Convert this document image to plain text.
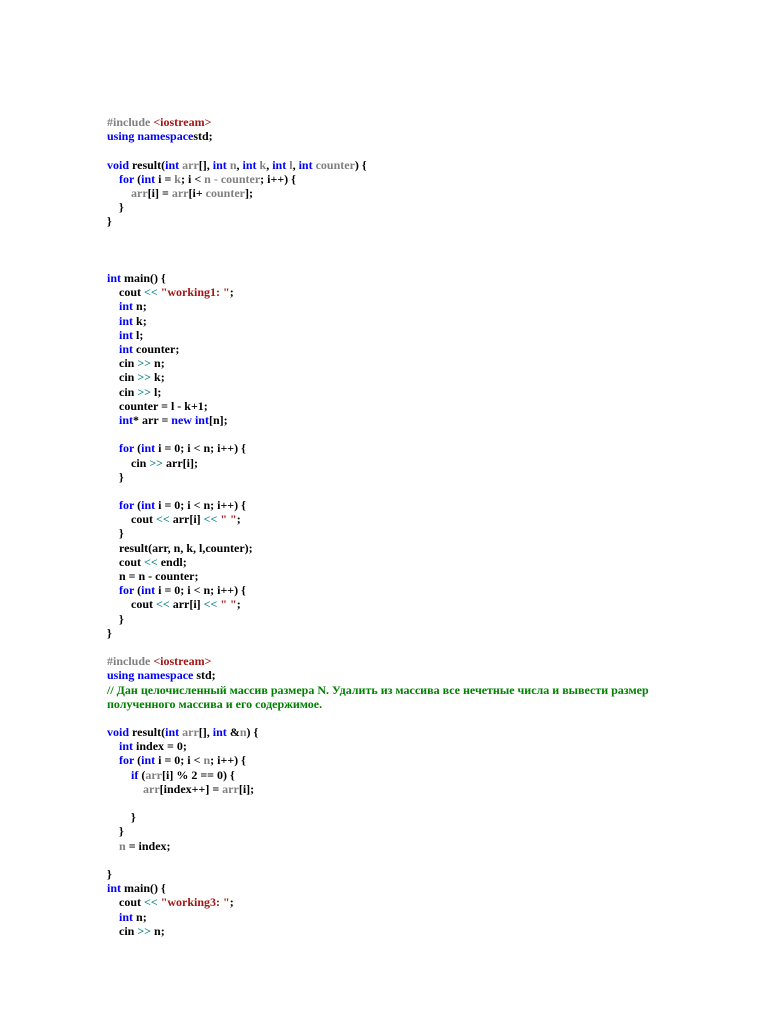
#include <iostream>
using namespacestd;
void result(int arr[], int n, int k, int l, int counter) {
for (int i = k; i < n - counter; i++) {
arr[i] = arr[i+ counter];
}
}
int main() {
cout << "working1: ";
int n;
int k;
int l;
int counter;
cin >> n;
cin >> k;
cin >> l;
counter = l - k+1;
int* arr = new int[n];
for (int i = 0; i < n; i++) {
cin >> arr[i];
}
for (int i = 0; i < n; i++) {
cout << arr[i] << " ";
}
result(arr, n, k, l,counter);
cout << endl;
n = n - counter;
for (int i = 0; i < n; i++) {
cout << arr[i] << " ";
}
}
#include <iostream>
using namespace std;
// Дан целочисленный массив размера N. Удалить из массива все нечетные числа и вывести размер
полученного массива и его содержимое.
void result(int arr[], int &n) {
int index = 0;
for (int i = 0; i < n; i++) {
if (arr[i] % 2 == 0) {
arr[index++] = arr[i];
}
}
n = index;
}
int main() {
cout << "working3: ";
int n;
cin >> n;
